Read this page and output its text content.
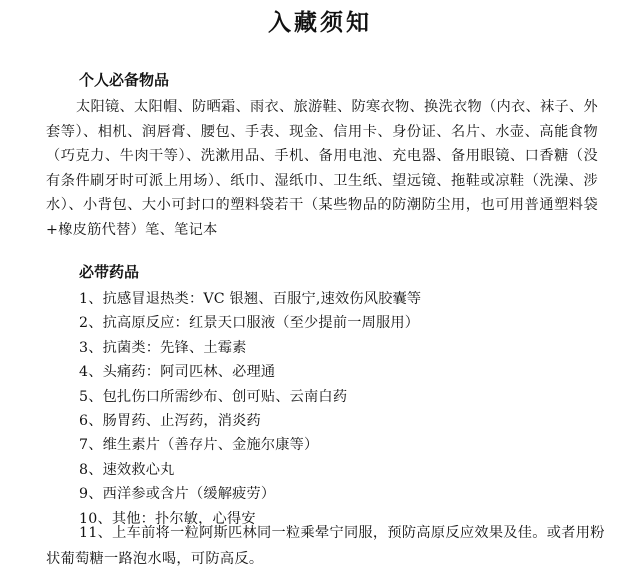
入藏须知
个人必备物品
太阳镜、太阳帽、防晒霜、雨衣、旅游鞋、防寒衣物、换洗衣物（内衣、袜子、外套等）、相机、润唇膏、腰包、手表、现金、信用卡、身份证、名片、水壶、高能食物（巧克力、牛肉干等）、洗漱用品、手机、备用电池、充电器、备用眼镜、口香糖（没有条件刷牙时可派上用场）、纸巾、湿纸巾、卫生纸、望远镜、拖鞋或凉鞋（洗澡、涉水）、小背包、大小可封口的塑料袋若干（某些物品的防潮防尘用，也可用普通塑料袋+橡皮筋代替）笔、笔记本
必带药品
1、抗感冒退热类：VC 银翘、百服宁,速效伤风胶囊等
2、抗高原反应：红景天口服液（至少提前一周服用）
3、抗菌类：先锋、土霉素
4、头痛药：阿司匹林、必理通
5、包扎伤口所需纱布、创可贴、云南白药
6、肠胃药、止泻药，消炎药
7、维生素片（善存片、金施尔康等）
8、速效救心丸
9、西洋参或含片（缓解疲劳）
10、其他：扑尔敏，心得安
11、上车前将一粒阿斯匹林同一粒乘晕宁同服，预防高原反应效果及佳。或者用粉状葡萄糖一路泡水喝，可防高反。
